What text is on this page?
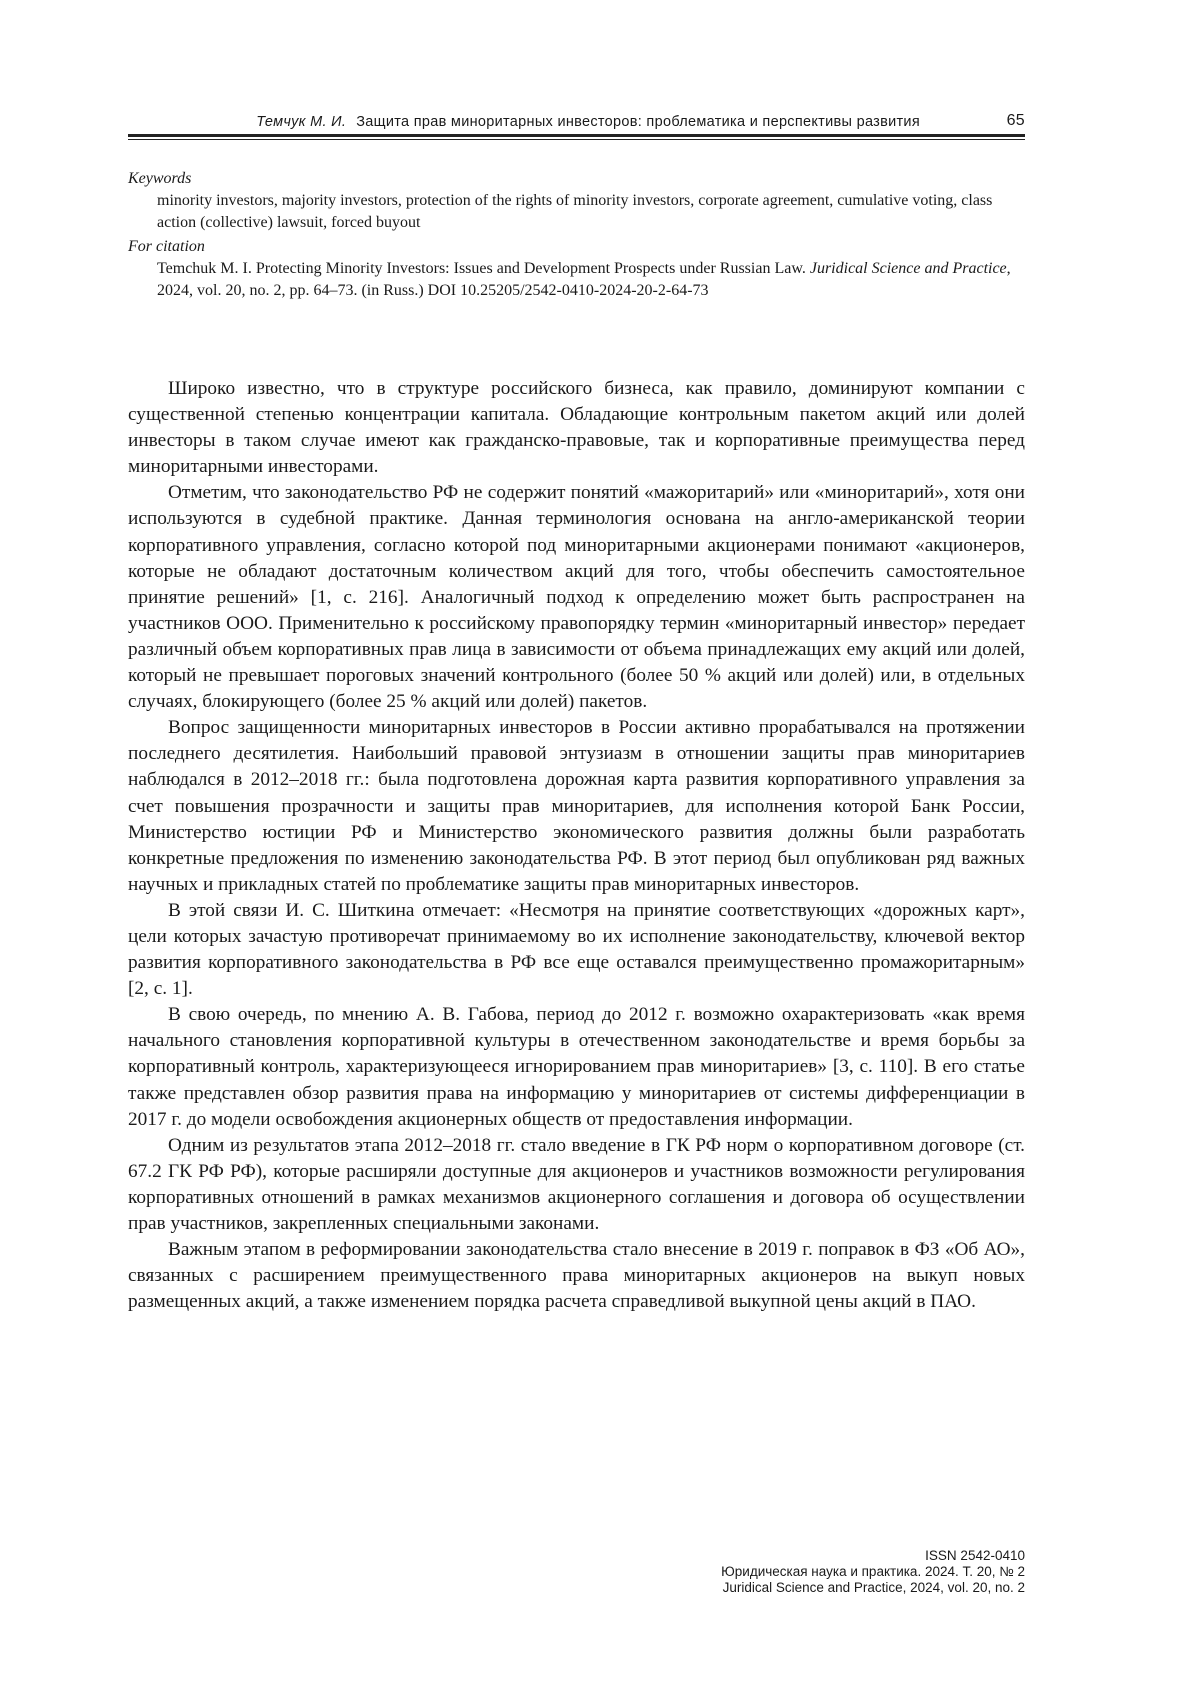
Темчук М. И. Защита прав миноритарных инвесторов: проблематика и перспективы развития	65
Keywords
minority investors, majority investors, protection of the rights of minority investors, corporate agreement, cumulative voting, class action (collective) lawsuit, forced buyout
For citation
Temchuk M. I. Protecting Minority Investors: Issues and Development Prospects under Russian Law. Juridical Science and Practice, 2024, vol. 20, no. 2, pp. 64–73. (in Russ.) DOI 10.25205/2542-0410-2024-20-2-64-73

Широко известно, что в структуре российского бизнеса, как правило, доминируют компании с существенной степенью концентрации капитала. Обладающие контрольным пакетом акций или долей инвесторы в таком случае имеют как гражданско-правовые, так и корпоративные преимущества перед миноритарными инвесторами.

Отметим, что законодательство РФ не содержит понятий «мажоритарий» или «миноритарий», хотя они используются в судебной практике. Данная терминология основана на англо-американской теории корпоративного управления, согласно которой под миноритарными акционерами понимают «акционеров, которые не обладают достаточным количеством акций для того, чтобы обеспечить самостоятельное принятие решений» [1, с. 216]. Аналогичный подход к определению может быть распространен на участников ООО. Применительно к российскому правопорядку термин «миноритарный инвестор» передает различный объем корпоративных прав лица в зависимости от объема принадлежащих ему акций или долей, который не превышает пороговых значений контрольного (более 50 % акций или долей) или, в отдельных случаях, блокирующего (более 25 % акций или долей) пакетов.

Вопрос защищенности миноритарных инвесторов в России активно прорабатывался на протяжении последнего десятилетия. Наибольший правовой энтузиазм в отношении защиты прав миноритариев наблюдался в 2012–2018 гг.: была подготовлена дорожная карта развития корпоративного управления за счет повышения прозрачности и защиты прав миноритариев, для исполнения которой Банк России, Министерство юстиции РФ и Министерство экономического развития должны были разработать конкретные предложения по изменению законодательства РФ. В этот период был опубликован ряд важных научных и прикладных статей по проблематике защиты прав миноритарных инвесторов.

В этой связи И. С. Шиткина отмечает: «Несмотря на принятие соответствующих «дорожных карт», цели которых зачастую противоречат принимаемому во их исполнение законодательству, ключевой вектор развития корпоративного законодательства в РФ все еще оставался преимущественно промажоритарным» [2, с. 1].

В свою очередь, по мнению А. В. Габова, период до 2012 г. возможно охарактеризовать «как время начального становления корпоративной культуры в отечественном законодательстве и время борьбы за корпоративный контроль, характеризующееся игнорированием прав миноритариев» [3, с. 110]. В его статье также представлен обзор развития права на информацию у миноритариев от системы дифференциации в 2017 г. до модели освобождения акционерных обществ от предоставления информации.

Одним из результатов этапа 2012–2018 гг. стало введение в ГК РФ норм о корпоративном договоре (ст. 67.2 ГК РФ РФ), которые расширяли доступные для акционеров и участников возможности регулирования корпоративных отношений в рамках механизмов акционерного соглашения и договора об осуществлении прав участников, закрепленных специальными законами.

Важным этапом в реформировании законодательства стало внесение в 2019 г. поправок в ФЗ «Об АО», связанных с расширением преимущественного права миноритарных акционеров на выкуп новых размещенных акций, а также изменением порядка расчета справедливой выкупной цены акций в ПАО.

ISSN 2542-0410
Юридическая наука и практика. 2024. Т. 20, № 2
Juridical Science and Practice, 2024, vol. 20, no. 2
